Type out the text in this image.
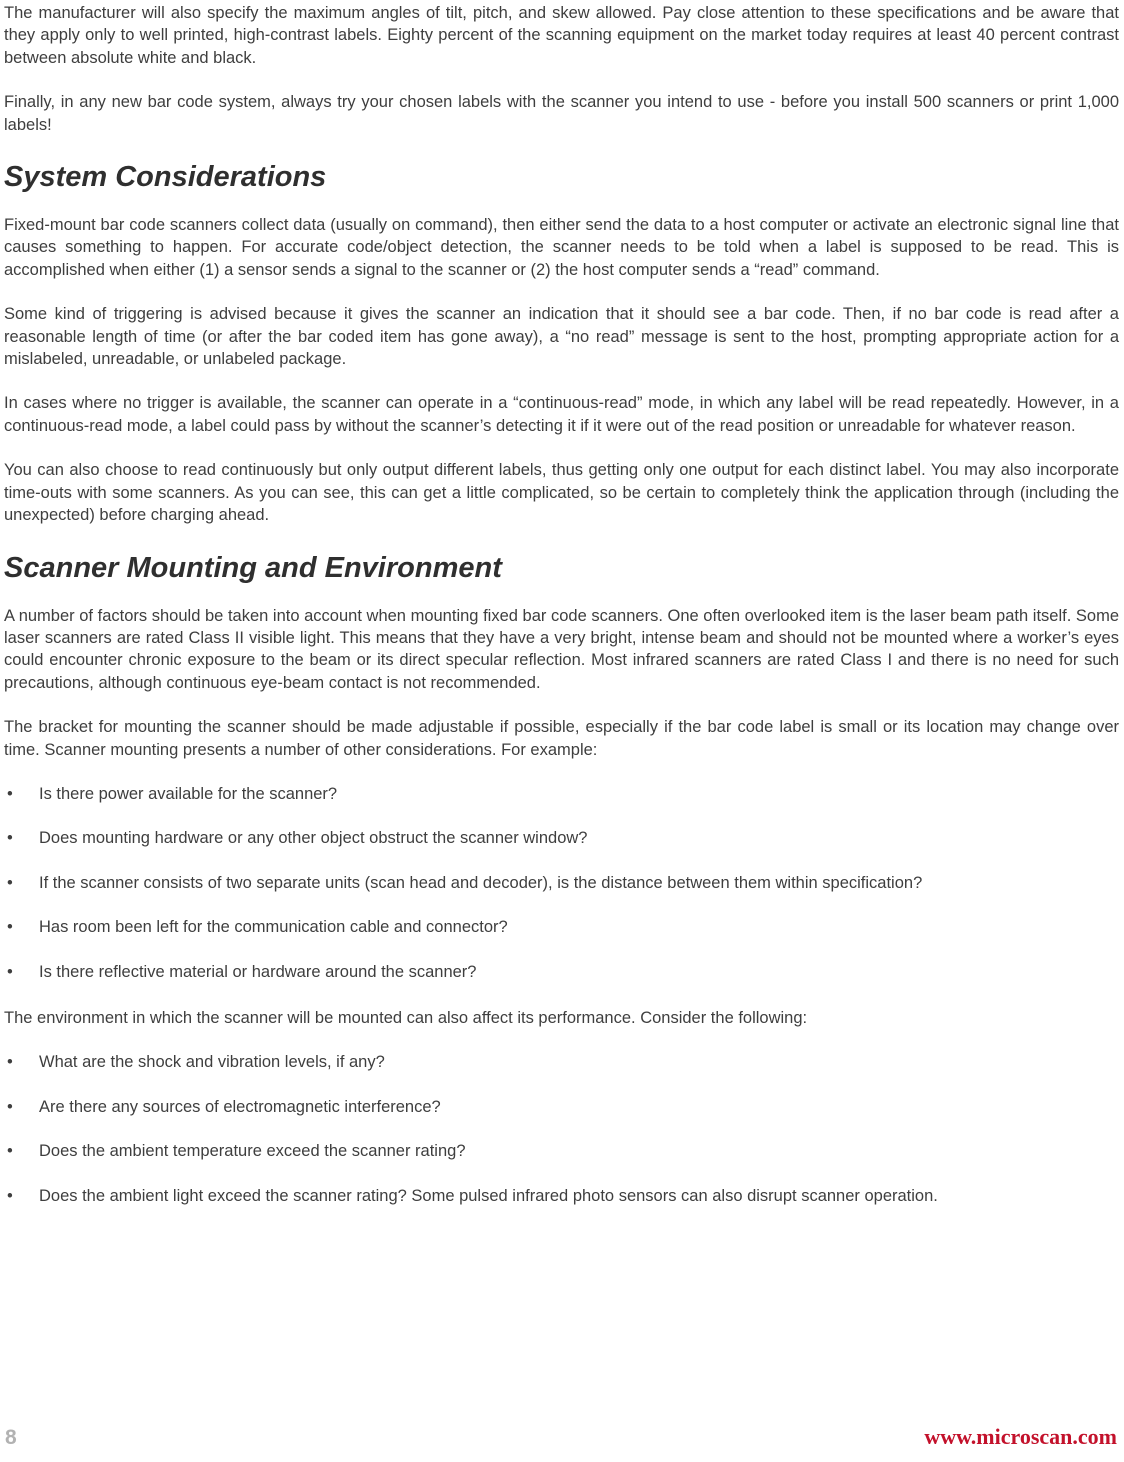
The manufacturer will also specify the maximum angles of tilt, pitch, and skew allowed. Pay close attention to these specifications and be aware that they apply only to well printed, high-contrast labels. Eighty percent of the scanning equipment on the market today requires at least 40 percent contrast between absolute white and black.

Finally, in any new bar code system, always try your chosen labels with the scanner you intend to use - before you install 500 scanners or print 1,000 labels!

System Considerations

Fixed-mount bar code scanners collect data (usually on command), then either send the data to a host computer or activate an electronic signal line that causes something to happen. For accurate code/object detection, the scanner needs to be told when a label is supposed to be read. This is accomplished when either (1) a sensor sends a signal to the scanner or (2) the host computer sends a “read” command.

Some kind of triggering is advised because it gives the scanner an indication that it should see a bar code. Then, if no bar code is read after a reasonable length of time (or after the bar coded item has gone away), a “no read” message is sent to the host, prompting appropriate action for a mislabeled, unreadable, or unlabeled package.

In cases where no trigger is available, the scanner can operate in a “continuous-read” mode, in which any label will be read repeatedly. However, in a continuous-read mode, a label could pass by without the scanner’s detecting it if it were out of the read position or unreadable for whatever reason.

You can also choose to read continuously but only output different labels, thus getting only one output for each distinct label. You may also incorporate time-outs with some scanners. As you can see, this can get a little complicated, so be certain to completely think the application through (including the unexpected) before charging ahead.

Scanner Mounting and Environment

A number of factors should be taken into account when mounting fixed bar code scanners. One often overlooked item is the laser beam path itself. Some laser scanners are rated Class II visible light. This means that they have a very bright, intense beam and should not be mounted where a worker’s eyes could encounter chronic exposure to the beam or its direct specular reflection. Most infrared scanners are rated Class I and there is no need for such precautions, although continuous eye-beam contact is not recommended.

The bracket for mounting the scanner should be made adjustable if possible, especially if the bar code label is small or its location may change over time. Scanner mounting presents a number of other considerations. For example:

• Is there power available for the scanner?
• Does mounting hardware or any other object obstruct the scanner window?
• If the scanner consists of two separate units (scan head and decoder), is the distance between them within specification?
• Has room been left for the communication cable and connector?
• Is there reflective material or hardware around the scanner?

The environment in which the scanner will be mounted can also affect its performance. Consider the following:

• What are the shock and vibration levels, if any?
• Are there any sources of electromagnetic interference?
• Does the ambient temperature exceed the scanner rating?
• Does the ambient light exceed the scanner rating? Some pulsed infrared photo sensors can also disrupt scanner operation.
8	www.microscan.com
